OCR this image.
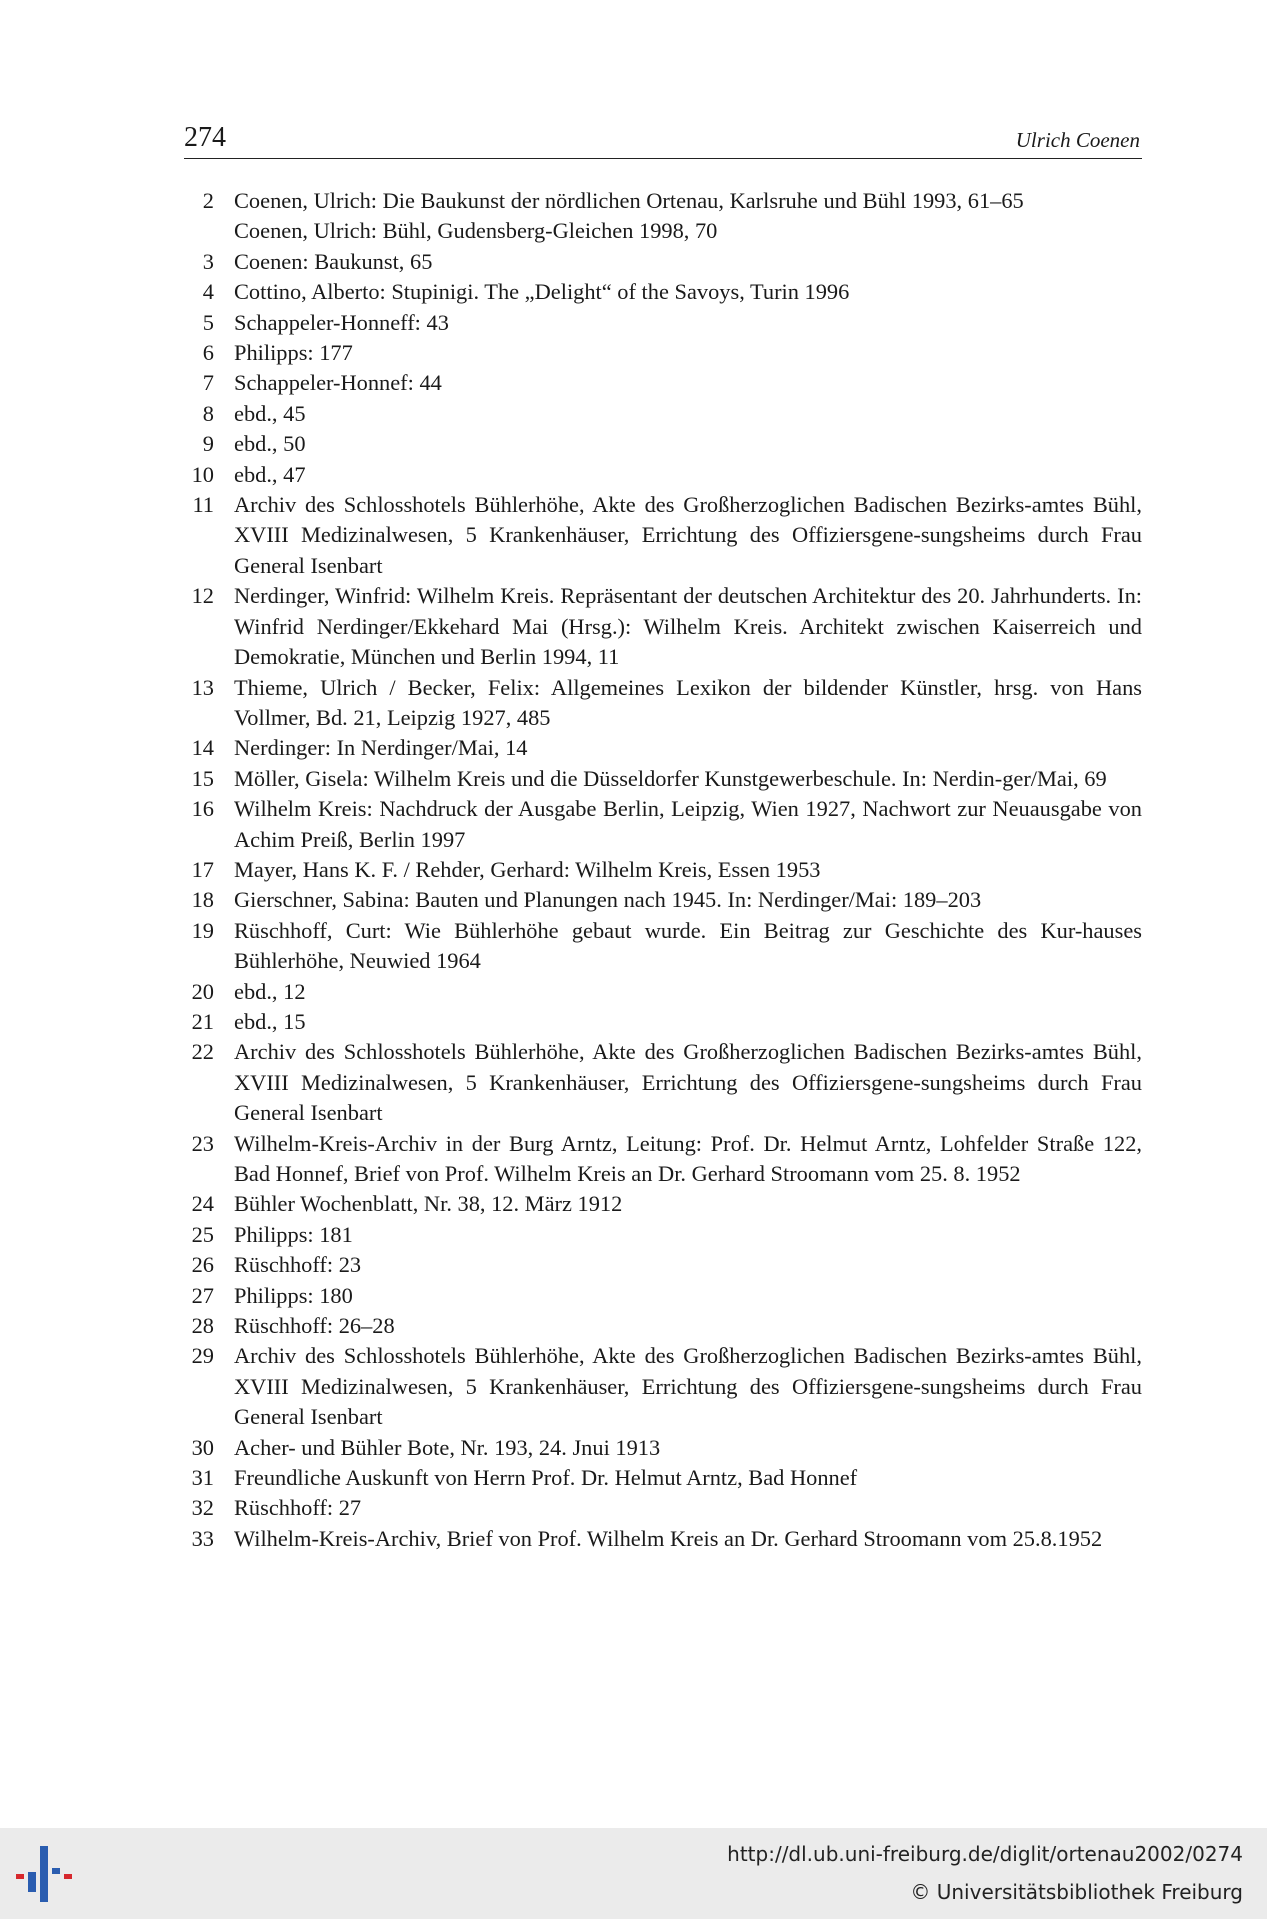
274	Ulrich Coenen
2 Coenen, Ulrich: Die Baukunst der nördlichen Ortenau, Karlsruhe und Bühl 1993, 61–65
Coenen, Ulrich: Bühl, Gudensberg-Gleichen 1998, 70
3 Coenen: Baukunst, 65
4 Cottino, Alberto: Stupinigi. The „Delight“ of the Savoys, Turin 1996
5 Schappeler-Honneff: 43
6 Philipps: 177
7 Schappeler-Honnef: 44
8 ebd., 45
9 ebd., 50
10 ebd., 47
11 Archiv des Schlosshotels Bühlerhöhe, Akte des Großherzoglichen Badischen Bezirks-amtes Bühl, XVIII Medizinalwesen, 5 Krankenhäuser, Errichtung des Offiziersgene-sungsheims durch Frau General Isenbart
12 Nerdinger, Winfrid: Wilhelm Kreis. Repräsentant der deutschen Architektur des 20. Jahrhunderts. In: Winfrid Nerdinger/Ekkehard Mai (Hrsg.): Wilhelm Kreis. Architekt zwischen Kaiserreich und Demokratie, München und Berlin 1994, 11
13 Thieme, Ulrich / Becker, Felix: Allgemeines Lexikon der bildender Künstler, hrsg. von Hans Vollmer, Bd. 21, Leipzig 1927, 485
14 Nerdinger: In Nerdinger/Mai, 14
15 Möller, Gisela: Wilhelm Kreis und die Düsseldorfer Kunstgewerbeschule. In: Nerdin-ger/Mai, 69
16 Wilhelm Kreis: Nachdruck der Ausgabe Berlin, Leipzig, Wien 1927, Nachwort zur Neuausgabe von Achim Preiß, Berlin 1997
17 Mayer, Hans K. F. / Rehder, Gerhard: Wilhelm Kreis, Essen 1953
18 Gierschner, Sabina: Bauten und Planungen nach 1945. In: Nerdinger/Mai: 189–203
19 Rüschhoff, Curt: Wie Bühlerhöhe gebaut wurde. Ein Beitrag zur Geschichte des Kur-hauses Bühlerhöhe, Neuwied 1964
20 ebd., 12
21 ebd., 15
22 Archiv des Schlosshotels Bühlerhöhe, Akte des Großherzoglichen Badischen Bezirks-amtes Bühl, XVIII Medizinalwesen, 5 Krankenhäuser, Errichtung des Offiziersgene-sungsheims durch Frau General Isenbart
23 Wilhelm-Kreis-Archiv in der Burg Arntz, Leitung: Prof. Dr. Helmut Arntz, Lohfelder Straße 122, Bad Honnef, Brief von Prof. Wilhelm Kreis an Dr. Gerhard Stroomann vom 25. 8. 1952
24 Bühler Wochenblatt, Nr. 38, 12. März 1912
25 Philipps: 181
26 Rüschhoff: 23
27 Philipps: 180
28 Rüschhoff: 26–28
29 Archiv des Schlosshotels Bühlerhöhe, Akte des Großherzoglichen Badischen Bezirks-amtes Bühl, XVIII Medizinalwesen, 5 Krankenhäuser, Errichtung des Offiziersgene-sungsheims durch Frau General Isenbart
30 Acher- und Bühler Bote, Nr. 193, 24. Jnui 1913
31 Freundliche Auskunft von Herrn Prof. Dr. Helmut Arntz, Bad Honnef
32 Rüschhoff: 27
33 Wilhelm-Kreis-Archiv, Brief von Prof. Wilhelm Kreis an Dr. Gerhard Stroomann vom 25.8.1952
http://dl.ub.uni-freiburg.de/diglit/ortenau2002/0274
© Universitätsbibliothek Freiburg
